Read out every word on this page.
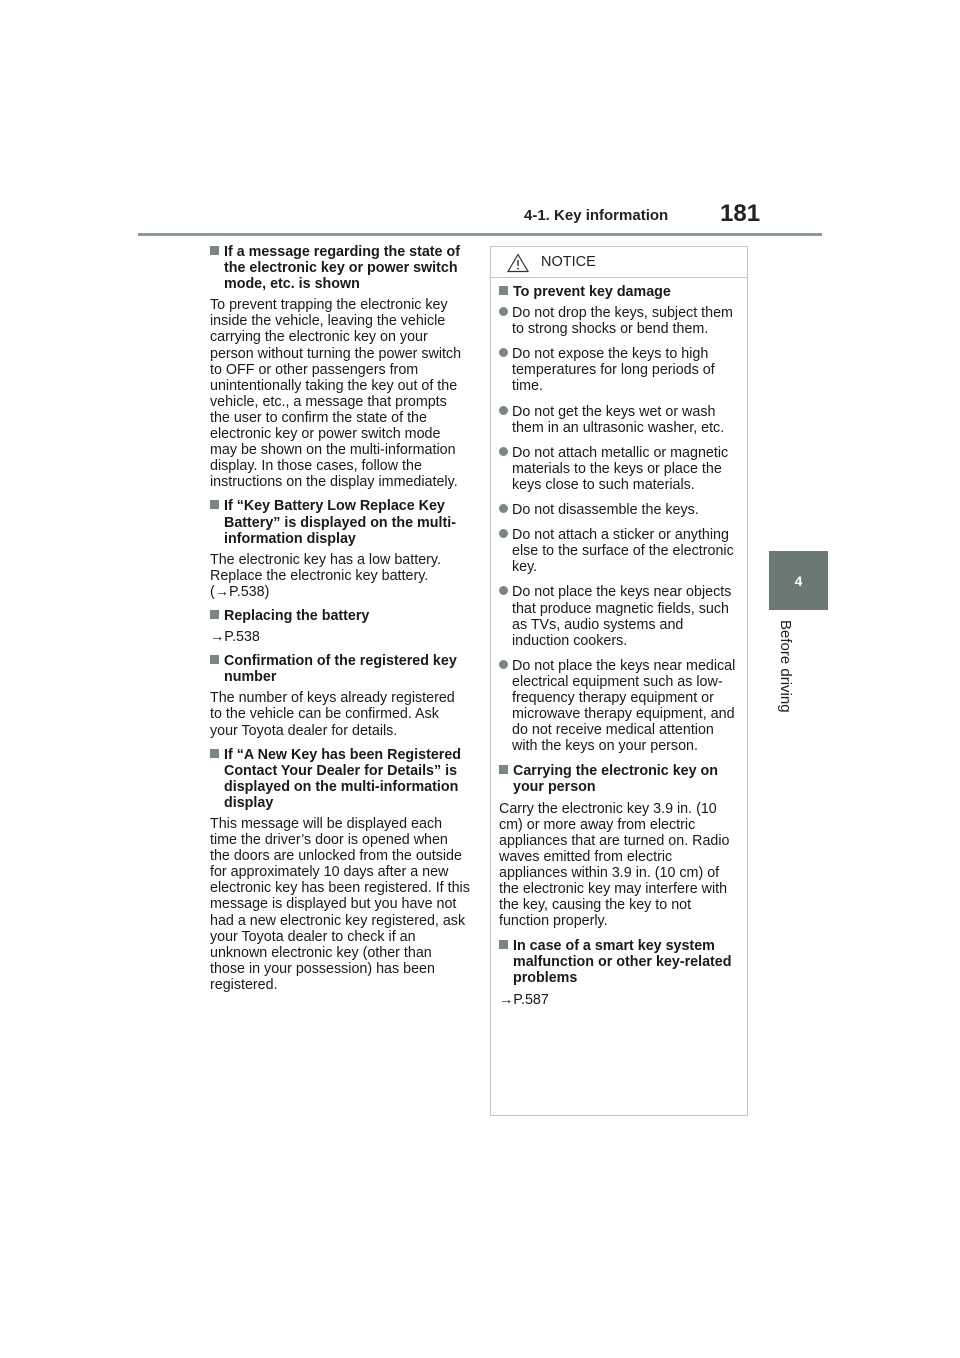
4-1. Key information 181
4
Before driving
If a message regarding the state of the electronic key or power switch mode, etc. is shown

To prevent trapping the electronic key inside the vehicle, leaving the vehicle carrying the electronic key on your person without turning the power switch to OFF or other passengers from unintentionally taking the key out of the vehicle, etc., a message that prompts the user to confirm the state of the electronic key or power switch mode may be shown on the multi-information display. In those cases, follow the instructions on the display immediately.

If “Key Battery Low Replace Key Battery” is displayed on the multi-information display

The electronic key has a low battery. Replace the electronic key battery. (→P.538)

Replacing the battery

→P.538

Confirmation of the registered key number

The number of keys already registered to the vehicle can be confirmed. Ask your Toyota dealer for details.

If “A New Key has been Registered Contact Your Dealer for Details” is displayed on the multi-information display

This message will be displayed each time the driver’s door is opened when the doors are unlocked from the outside for approximately 10 days after a new electronic key has been registered. If this message is displayed but you have not had a new electronic key registered, ask your Toyota dealer to check if an unknown electronic key (other than those in your possession) has been registered.

NOTICE
To prevent key damage
Do not drop the keys, subject them to strong shocks or bend them.
Do not expose the keys to high temperatures for long periods of time.
Do not get the keys wet or wash them in an ultrasonic washer, etc.
Do not attach metallic or magnetic materials to the keys or place the keys close to such materials.
Do not disassemble the keys.
Do not attach a sticker or anything else to the surface of the electronic key.
Do not place the keys near objects that produce magnetic fields, such as TVs, audio systems and induction cookers.
Do not place the keys near medical electrical equipment such as low-frequency therapy equipment or microwave therapy equipment, and do not receive medical attention with the keys on your person.
Carrying the electronic key on your person

Carry the electronic key 3.9 in. (10 cm) or more away from electric appliances that are turned on. Radio waves emitted from electric appliances within 3.9 in. (10 cm) of the electronic key may interfere with the key, causing the key to not function properly.

In case of a smart key system malfunction or other key-related problems

→P.587
